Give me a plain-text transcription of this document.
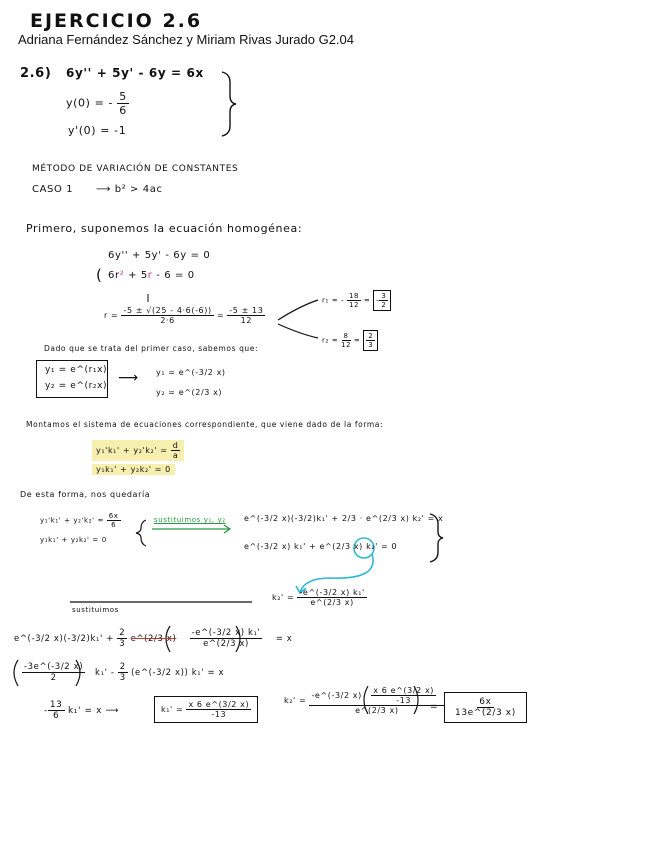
EJERCICIO 2.6
Adriana Fernández Sánchez y Miriam Rivas Jurado G2.04
2.6) 6y'' + 5y' - 6y = 6x
y(0) = - $\frac{5}{6}$
y'(0) = -1
MÉTODO DE VARIACIÓN DE CONSTANTES
CASO 1 ⟶ b² > 4ac
Primero, suponemos la ecuación homogénea:
6y'' + 5y' - 6y = 0
( 6r² + 5r - 6 = 0
$r = \frac{-5 \pm √(25 - 4\cdot 6(-6))}{2\cdot 6} = \frac{-5 \pm 13}{12}$
r₁ = - $\frac{18}{12}$ = - $\frac{3}{2}$
$r_2 = \frac{8}{12} = \frac{2}{3}$
Dado que se trata del primer caso, sabemos que:
y₁ = e^(r₁x)
y₂ = e^(r₂x) ⟶ y₁ = e^(-3/2 x)
y₂ = e^(2/3 x)
Montamos el sistema de ecuaciones correspondiente, que viene dado de la forma:
$y_1'k_1' + y_2'k_2' = \frac{d}{a}$
y₁k₁' + y₂k₂' = 0
De esta forma, nos quedaría
$y_1'k_1' + y_2'k_2' = \frac{6x}{6}$
y₁k₁' + y₂k₂' = 0
sustituimos y₁, y₂ e^(-3/2 x)(-3/2)k₁' + 2/3 · e^(2/3 x) k₂' = x
e^(-3/2 x) k₁' + e^(2/3 x) k₂' = 0
$k_2' = \frac{\text{-e\textasciicircum{}(-3/2 x) k₁'}}{e\^{}(2/3 x)}$
sustituimos
e^(-3/2 $x)(-3/2)k_1' + \frac{2}{3}$ e^(2/3 $x) \frac{\text{-e\textasciicircum{}(-3/2 x) k₁'}}{e\^{}(2/3 x)} = x$
$\frac{-3e\^{}(-3/2 x)}{2} k_1' - \frac{2}{3}$ (e^(-3/2 x)) k₁' = x
- $\frac{13}{6} k_1' = x$ ⟶	$k_1' = \frac{x 6 e\^{}(3/2 x)}{-13}$	$k_2' = \frac{-e\^{}(-3/2 x) \frac{x 6 e\^{}(3/2 x)}{-13}}{e\^{}(2/3 x)}$
= $\frac{6x}{13e\^{}(2/3 x)}$
